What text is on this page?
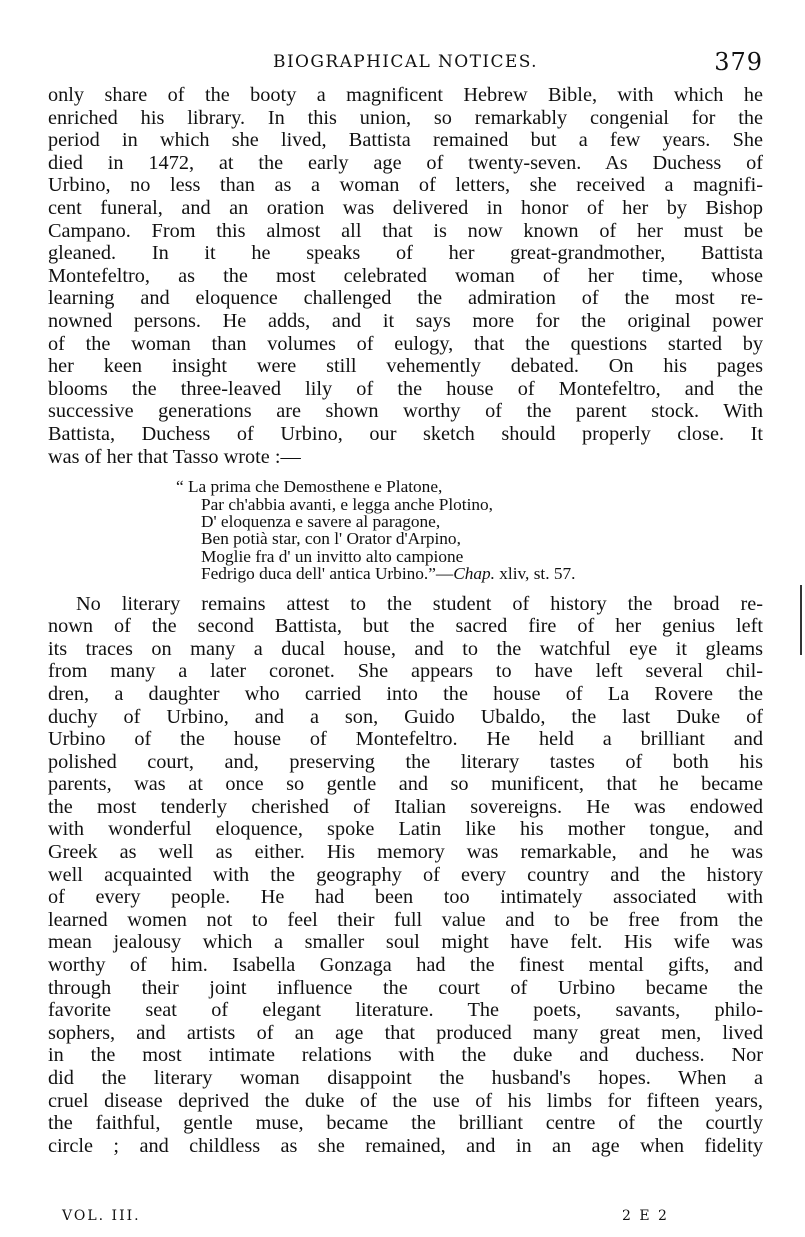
BIOGRAPHICAL NOTICES.	379
only share of the booty a magnificent Hebrew Bible, with which he
enriched his library. In this union, so remarkably congenial for the
period in which she lived, Battista remained but a few years. She
died in 1472, at the early age of twenty-seven. As Duchess of
Urbino, no less than as a woman of letters, she received a magnifi-
cent funeral, and an oration was delivered in honor of her by Bishop
Campano. From this almost all that is now known of her must be
gleaned. In it he speaks of her great-grandmother, Battista
Montefeltro, as the most celebrated woman of her time, whose
learning and eloquence challenged the admiration of the most re-
nowned persons. He adds, and it says more for the original power
of the woman than volumes of eulogy, that the questions started by
her keen insight were still vehemently debated. On his pages
blooms the three-leaved lily of the house of Montefeltro, and the
successive generations are shown worthy of the parent stock. With
Battista, Duchess of Urbino, our sketch should properly close. It
was of her that Tasso wrote :—
“ La prima che Demosthene e Platone,
Par ch'abbia avanti, e legga anche Plotino,
D' eloquenza e savere al paragone,
Ben potià star, con l' Orator d'Arpino,
Moglie fra d' un invitto alto campione
Fedrigo duca dell' antica Urbino.”—Chap. xliv, st. 57.
No literary remains attest to the student of history the broad re-
nown of the second Battista, but the sacred fire of her genius left
its traces on many a ducal house, and to the watchful eye it gleams
from many a later coronet. She appears to have left several chil-
dren, a daughter who carried into the house of La Rovere the
duchy of Urbino, and a son, Guido Ubaldo, the last Duke of
Urbino of the house of Montefeltro. He held a brilliant and
polished court, and, preserving the literary tastes of both his
parents, was at once so gentle and so munificent, that he became
the most tenderly cherished of Italian sovereigns. He was endowed
with wonderful eloquence, spoke Latin like his mother tongue, and
Greek as well as either. His memory was remarkable, and he was
well acquainted with the geography of every country and the history
of every people. He had been too intimately associated with
learned women not to feel their full value and to be free from the
mean jealousy which a smaller soul might have felt. His wife was
worthy of him. Isabella Gonzaga had the finest mental gifts, and
through their joint influence the court of Urbino became the
favorite seat of elegant literature. The poets, savants, philo-
sophers, and artists of an age that produced many great men, lived
in the most intimate relations with the duke and duchess. Nor
did the literary woman disappoint the husband's hopes. When a
cruel disease deprived the duke of the use of his limbs for fifteen years,
the faithful, gentle muse, became the brilliant centre of the courtly
circle ; and childless as she remained, and in an age when fidelity
VOL. III.	2 E 2
